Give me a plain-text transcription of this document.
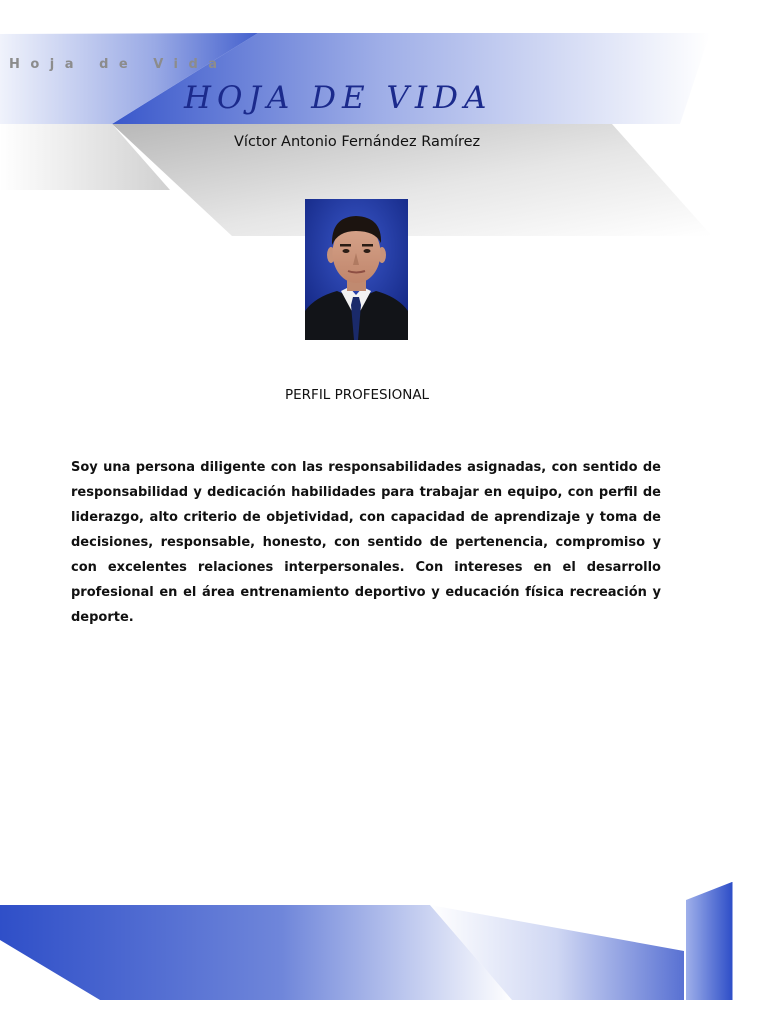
Hoja de Vida
HOJA DE VIDA
Víctor Antonio Fernández Ramírez
PERFIL PROFESIONAL

Soy una persona diligente con las responsabilidades asignadas, con sentido de responsabilidad y dedicación habilidades para trabajar en equipo, con perfil de liderazgo, alto criterio de objetividad, con capacidad de aprendizaje y toma de decisiones, responsable, honesto, con sentido de pertenencia, compromiso y con excelentes relaciones interpersonales. Con intereses en el desarrollo profesional en el área entrenamiento deportivo y educación física recreación y deporte.
